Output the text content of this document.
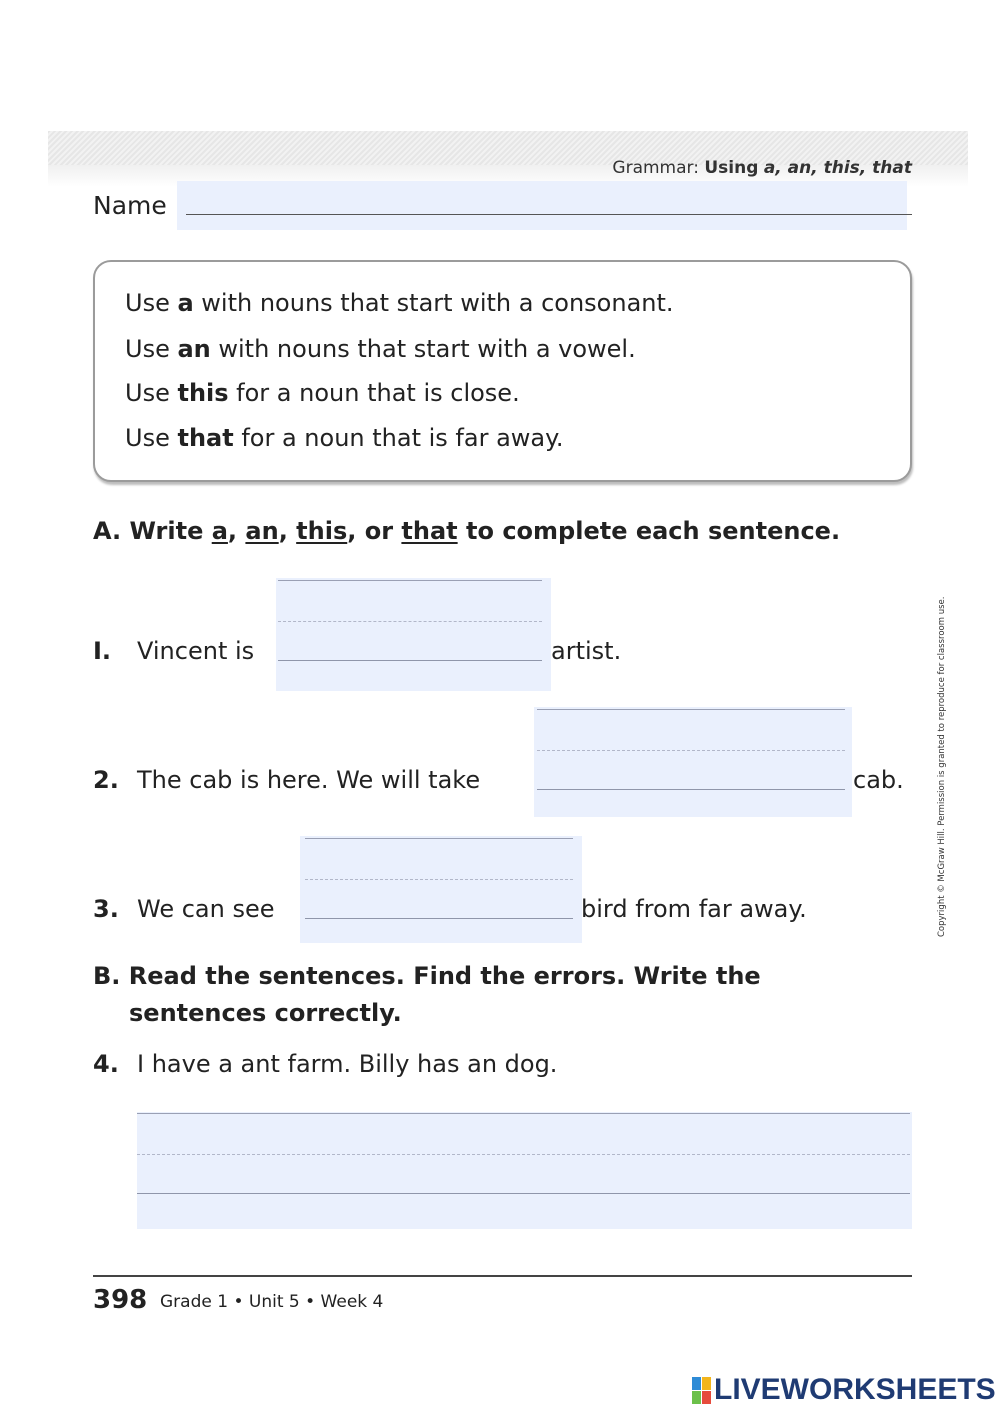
Grammar: Using a, an, this, that
Name
Use a with nouns that start with a consonant.
Use an with nouns that start with a vowel.
Use this for a noun that is close.
Use that for a noun that is far away.
A. Write a, an, this, or that to complete each sentence.
I. Vincent is	artist.
2. The cab is here. We will take	cab.
3. We can see	bird from far away.
B. Read the sentences. Find the errors. Write the
sentences correctly.
4. I have a ant farm. Billy has an dog.
398 Grade 1 • Unit 5 • Week 4
Copyright © McGraw Hill. Permission is granted to reproduce for classroom use.
LIVEWORKSHEETS
